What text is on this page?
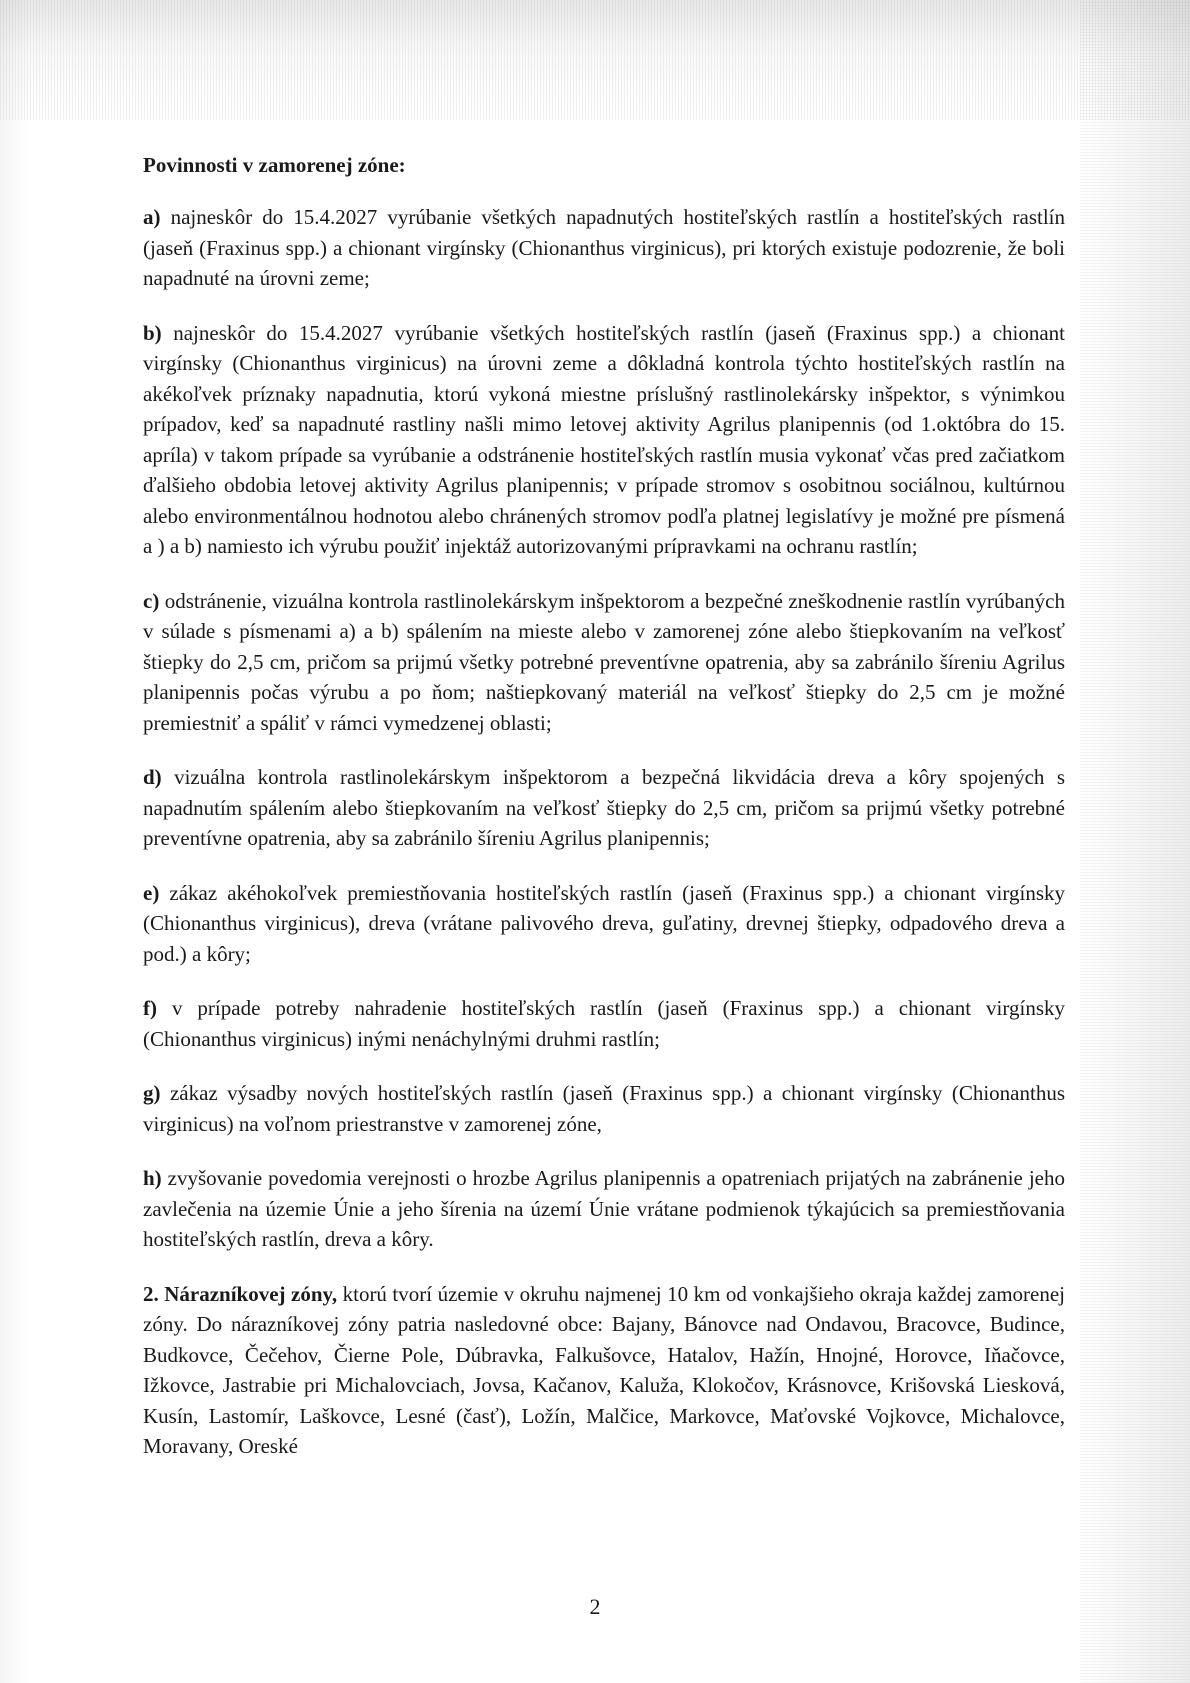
Povinnosti v zamorenej zóne:

a) najneskôr do 15.4.2027 vyrúbanie všetkých napadnutých hostiteľských rastlín a hostiteľských rastlín (jaseň (Fraxinus spp.) a chionant virgínsky (Chionanthus virginicus), pri ktorých existuje podozrenie, že boli napadnuté na úrovni zeme;

b) najneskôr do 15.4.2027 vyrúbanie všetkých hostiteľských rastlín (jaseň (Fraxinus spp.) a chionant virgínsky (Chionanthus virginicus) na úrovni zeme a dôkladná kontrola týchto hostiteľských rastlín na akékoľvek príznaky napadnutia, ktorú vykoná miestne príslušný rastlinolekársky inšpektor, s výnimkou prípadov, keď sa napadnuté rastliny našli mimo letovej aktivity Agrilus planipennis (od 1.októbra do 15. apríla) v takom prípade sa vyrúbanie a odstránenie hostiteľských rastlín musia vykonať včas pred začiatkom ďalšieho obdobia letovej aktivity Agrilus planipennis; v prípade stromov s osobitnou sociálnou, kultúrnou alebo environmentálnou hodnotou alebo chránených stromov podľa platnej legislatívy je možné pre písmená a ) a b) namiesto ich výrubu použiť injektáž autorizovanými prípravkami na ochranu rastlín;

c) odstránenie, vizuálna kontrola rastlinolekárskym inšpektorom a bezpečné zneškodnenie rastlín vyrúbaných v súlade s písmenami a) a b) spálením na mieste alebo v zamorenej zóne alebo štiepkovaním na veľkosť štiepky do 2,5 cm, pričom sa prijmú všetky potrebné preventívne opatrenia, aby sa zabránilo šíreniu Agrilus planipennis počas výrubu a po ňom; naštiepkovaný materiál na veľkosť štiepky do 2,5 cm je možné premiestniť a spáliť v rámci vymedzenej oblasti;

d) vizuálna kontrola rastlinolekárskym inšpektorom a bezpečná likvidácia dreva a kôry spojených s napadnutím spálením alebo štiepkovaním na veľkosť štiepky do 2,5 cm, pričom sa prijmú všetky potrebné preventívne opatrenia, aby sa zabránilo šíreniu Agrilus planipennis;

e) zákaz akéhokoľvek premiestňovania hostiteľských rastlín (jaseň (Fraxinus spp.) a chionant virgínsky (Chionanthus virginicus), dreva (vrátane palivového dreva, guľatiny, drevnej štiepky, odpadového dreva a pod.) a kôry;

f) v prípade potreby nahradenie hostiteľských rastlín (jaseň (Fraxinus spp.) a chionant virgínsky (Chionanthus virginicus) inými nenáchylnými druhmi rastlín;

g) zákaz výsadby nových hostiteľských rastlín (jaseň (Fraxinus spp.) a chionant virgínsky (Chionanthus virginicus) na voľnom priestranstve v zamorenej zóne,

h) zvyšovanie povedomia verejnosti o hrozbe Agrilus planipennis a opatreniach prijatých na zabránenie jeho zavlečenia na územie Únie a jeho šírenia na území Únie vrátane podmienok týkajúcich sa premiestňovania hostiteľských rastlín, dreva a kôry.

2. Nárazníkovej zóny, ktorú tvorí územie v okruhu najmenej 10 km od vonkajšieho okraja každej zamorenej zóny. Do nárazníkovej zóny patria nasledovné obce: Bajany, Bánovce nad Ondavou, Bracovce, Budince, Budkovce, Čečehov, Čierne Pole, Dúbravka, Falkušovce, Hatalov, Hažín, Hnojné, Horovce, Iňačovce, Ižkovce, Jastrabie pri Michalovciach, Jovsa, Kačanov, Kaluža, Klokočov, Krásnovce, Krišovská Liesková, Kusín, Lastomír, Laškovce, Lesné (časť), Ložín, Malčice, Markovce, Maťovské Vojkovce, Michalovce, Moravany, Oreské

2
